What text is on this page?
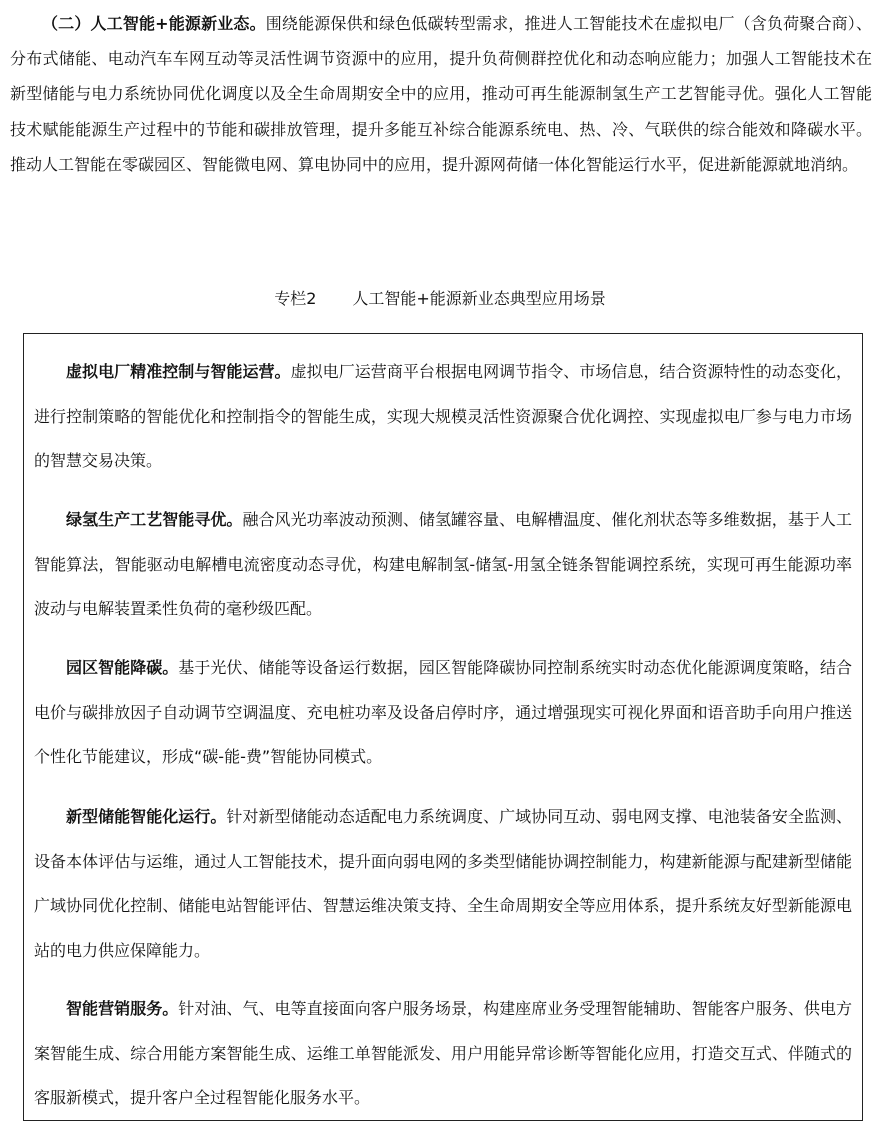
（二）人工智能+能源新业态。围绕能源保供和绿色低碳转型需求，推进人工智能技术在虚拟电厂（含负荷聚合商）、分布式储能、电动汽车车网互动等灵活性调节资源中的应用，提升负荷侧群控优化和动态响应能力；加强人工智能技术在新型储能与电力系统协同优化调度以及全生命周期安全中的应用，推动可再生能源制氢生产工艺智能寻优。强化人工智能技术赋能能源生产过程中的节能和碳排放管理，提升多能互补综合能源系统电、热、冷、气联供的综合能效和降碳水平。推动人工智能在零碳园区、智能微电网、算电协同中的应用，提升源网荷储一体化智能运行水平，促进新能源就地消纳。

专栏2 人工智能+能源新业态典型应用场景

虚拟电厂精准控制与智能运营。虚拟电厂运营商平台根据电网调节指令、市场信息，结合资源特性的动态变化，进行控制策略的智能优化和控制指令的智能生成，实现大规模灵活性资源聚合优化调控、实现虚拟电厂参与电力市场的智慧交易决策。

绿氢生产工艺智能寻优。融合风光功率波动预测、储氢罐容量、电解槽温度、催化剂状态等多维数据，基于人工智能算法，智能驱动电解槽电流密度动态寻优，构建电解制氢-储氢-用氢全链条智能调控系统，实现可再生能源功率波动与电解装置柔性负荷的毫秒级匹配。

园区智能降碳。基于光伏、储能等设备运行数据，园区智能降碳协同控制系统实时动态优化能源调度策略，结合电价与碳排放因子自动调节空调温度、充电桩功率及设备启停时序，通过增强现实可视化界面和语音助手向用户推送个性化节能建议，形成“碳-能-费”智能协同模式。

新型储能智能化运行。针对新型储能动态适配电力系统调度、广域协同互动、弱电网支撑、电池装备安全监测、设备本体评估与运维，通过人工智能技术，提升面向弱电网的多类型储能协调控制能力，构建新能源与配建新型储能广域协同优化控制、储能电站智能评估、智慧运维决策支持、全生命周期安全等应用体系，提升系统友好型新能源电站的电力供应保障能力。

智能营销服务。针对油、气、电等直接面向客户服务场景，构建座席业务受理智能辅助、智能客户服务、供电方案智能生成、综合用能方案智能生成、运维工单智能派发、用户用能异常诊断等智能化应用，打造交互式、伴随式的客服新模式，提升客户全过程智能化服务水平。
